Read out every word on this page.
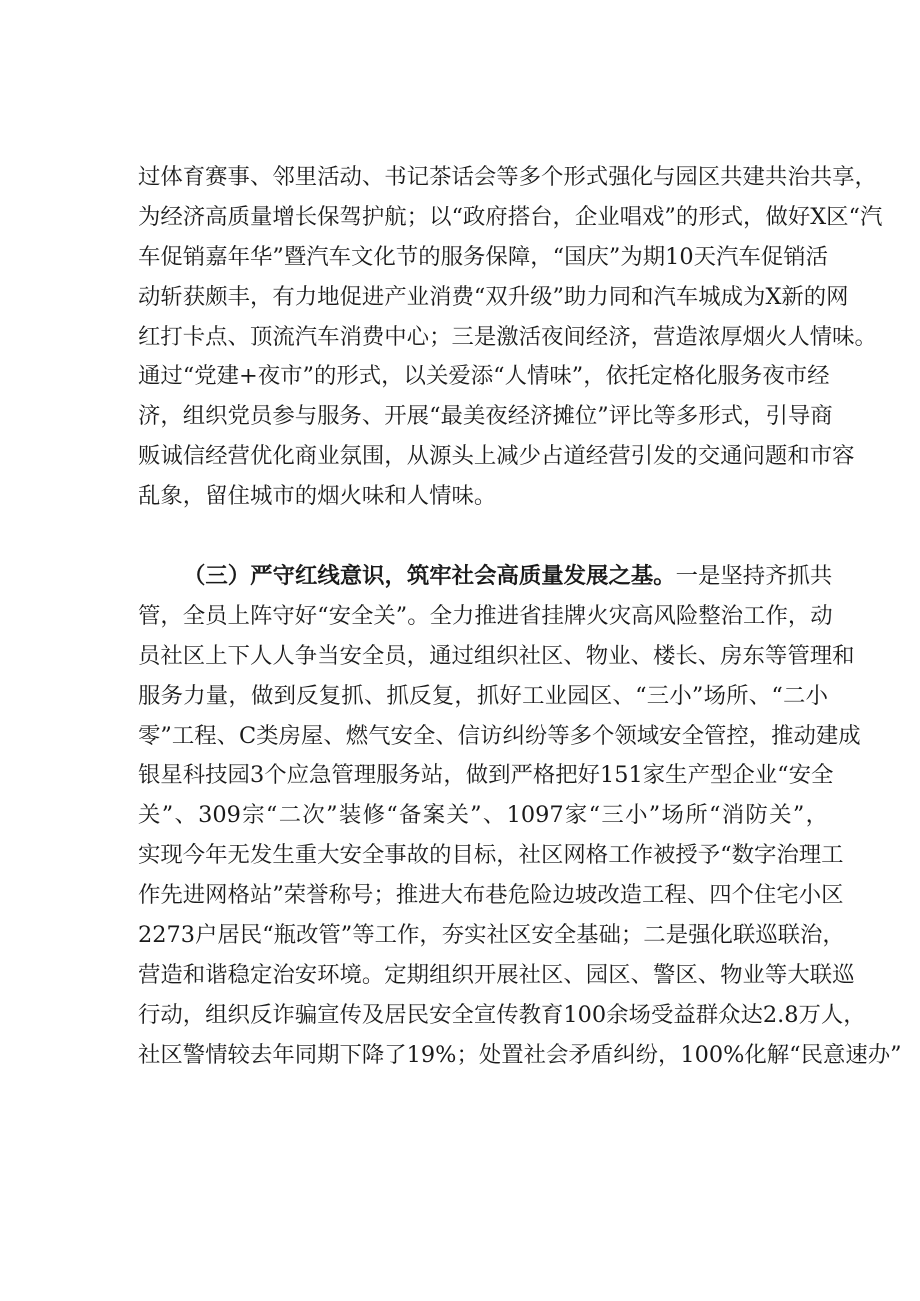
过体育赛事、邻里活动、书记茶话会等多个形式强化与园区共建共治共享，
为经济高质量增长保驾护航；以“政府搭台，企业唱戏”的形式，做好X区“汽
车促销嘉年华”暨汽车文化节的服务保障，“国庆”为期10天汽车促销活
动斩获颇丰，有力地促进产业消费“双升级”助力同和汽车城成为X新的网
红打卡点、顶流汽车消费中心；三是激活夜间经济，营造浓厚烟火人情味。
通过“党建+夜市”的形式，以关爱添“人情味”，依托定格化服务夜市经
济，组织党员参与服务、开展“最美夜经济摊位”评比等多形式，引导商
贩诚信经营优化商业氛围，从源头上减少占道经营引发的交通问题和市容
乱象，留住城市的烟火味和人情味。
（三）严守红线意识，筑牢社会高质量发展之基。一是坚持齐抓共
管，全员上阵守好“安全关”。全力推进省挂牌火灾高风险整治工作，动
员社区上下人人争当安全员，通过组织社区、物业、楼长、房东等管理和
服务力量，做到反复抓、抓反复，抓好工业园区、“三小”场所、“二小
零”工程、C类房屋、燃气安全、信访纠纷等多个领域安全管控，推动建成
银星科技园3个应急管理服务站，做到严格把好151家生产型企业“安全
关”、309宗“二次”装修“备案关”、1097家“三小”场所“消防关”，
实现今年无发生重大安全事故的目标，社区网格工作被授予“数字治理工
作先进网格站”荣誉称号；推进大布巷危险边坡改造工程、四个住宅小区
2273户居民“瓶改管”等工作，夯实社区安全基础；二是强化联巡联治，
营造和谐稳定治安环境。定期组织开展社区、园区、警区、物业等大联巡
行动，组织反诈骗宣传及居民安全宣传教育100余场受益群众达2.8万人，
社区警情较去年同期下降了19%；处置社会矛盾纠纷，100%化解“民意速办”
